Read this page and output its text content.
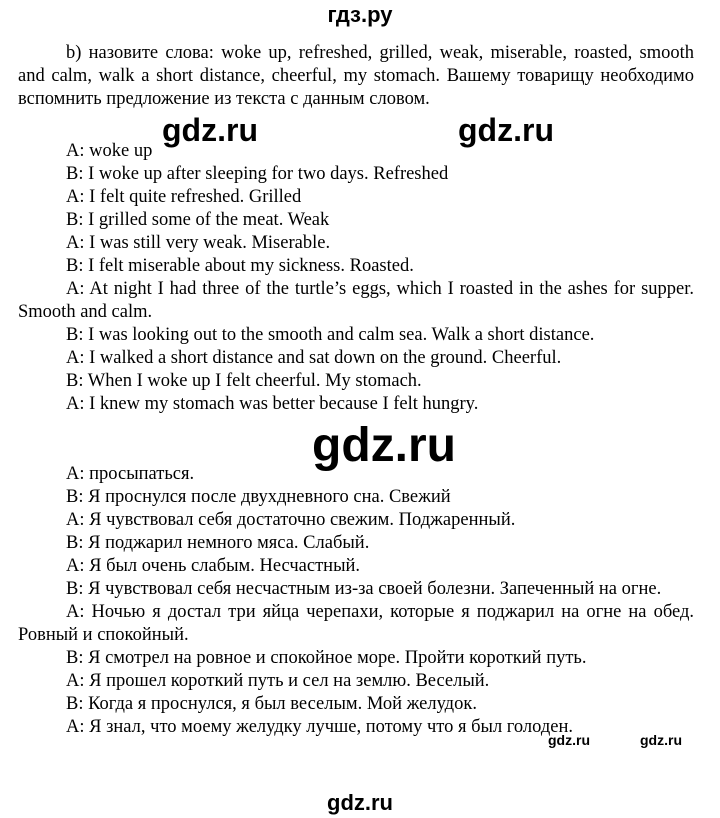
гдз.ру

b) назовите слова: woke up, refreshed, grilled, weak, miserable, roasted, smooth and calm, walk a short distance, cheerful, my stomach. Вашему товарищу необходимо вспомнить предложение из текста с данным словом.

A: woke up

B: I woke up after sleeping for two days. Refreshed

A: I felt quite refreshed. Grilled

B: I grilled some of the meat. Weak

A: I was still very weak. Miserable.

B: I felt miserable about my sickness. Roasted.

A: At night I had three of the turtle’s eggs, which I roasted in the ashes for supper. Smooth and calm.

B: I was looking out to the smooth and calm sea. Walk a short distance.

A: I walked a short distance and sat down on the ground. Cheerful.

B: When I woke up I felt cheerful. My stomach.

A: I knew my stomach was better because I felt hungry.

А: просыпаться.

В: Я проснулся после двухдневного сна. Свежий

А: Я чувствовал себя достаточно свежим. Поджаренный.

В: Я поджарил немного мяса. Слабый.

А: Я был очень слабым. Несчастный.

В: Я чувствовал себя несчастным из-за своей болезни. Запеченный на огне.

А: Ночью я достал три яйца черепахи, которые я поджарил на огне на обед. Ровный и спокойный.

В: Я смотрел на ровное и спокойное море. Пройти короткий путь.

А: Я прошел короткий путь и сел на землю. Веселый.

В: Когда я проснулся, я был веселым. Мой желудок.

А: Я знал, что моему желудку лучше, потому что я был голоден.

gdz.ru	gdz.ru
gdz.ru
gdz.ru	gdz.ru
gdz.ru
